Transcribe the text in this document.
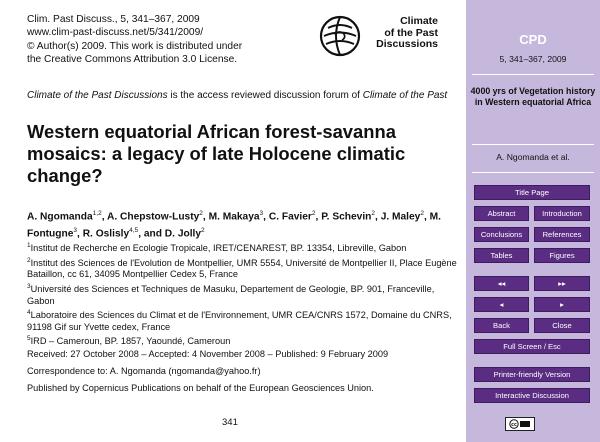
Clim. Past Discuss., 5, 341–367, 2009
www.clim-past-discuss.net/5/341/2009/
© Author(s) 2009. This work is distributed under
the Creative Commons Attribution 3.0 License.
Climate
of the Past
Discussions
Climate of the Past Discussions is the access reviewed discussion forum of Climate of the Past
Western equatorial African forest-savanna mosaics: a legacy of late Holocene climatic change?
A. Ngomanda$^{1,2}$, A. Chepstow-Lusty$^2$, M. Makaya$^3$, C. Favier$^2$, P. Schevin$^2$, J. Maley$^2$, M. Fontugne$^3$, R. Oslisly$^{4,5}$, and D. Jolly$^2$

$^1$Institut de Recherche en Ecologie Tropicale, IRET/CENAREST, BP. 13354, Libreville, Gabon

$^2$Institut des Sciences de l'Evolution de Montpellier, UMR 5554, Université de Montpellier II, Place Eugène Bataillon, cc 61, 34095 Montpellier Cedex 5, France

$^3$Université des Sciences et Techniques de Masuku, Departement de Geologie, BP. 901, Franceville, Gabon

$^4$Laboratoire des Sciences du Climat et de l'Environnement, UMR CEA/CNRS 1572, Domaine du CNRS, 91198 Gif sur Yvette cedex, France

$^5$IRD – Cameroun, BP. 1857, Yaoundé, Cameroun

Received: 27 October 2008 – Accepted: 4 November 2008 – Published: 9 February 2009
Correspondence to: A. Ngomanda (ngomanda@yahoo.fr)
Published by Copernicus Publications on behalf of the European Geosciences Union.
341
CPD
5, 341–367, 2009
4000 yrs of Vegetation history in Western equatorial Africa
A. Ngomanda et al.
Title Page
Abstract	Introduction
Conclusions	References
Tables	Figures
◂◂	▸▸
◂	▸
Back	Close
Full Screen / Esc
Printer-friendly Version
Interactive Discussion
cc
